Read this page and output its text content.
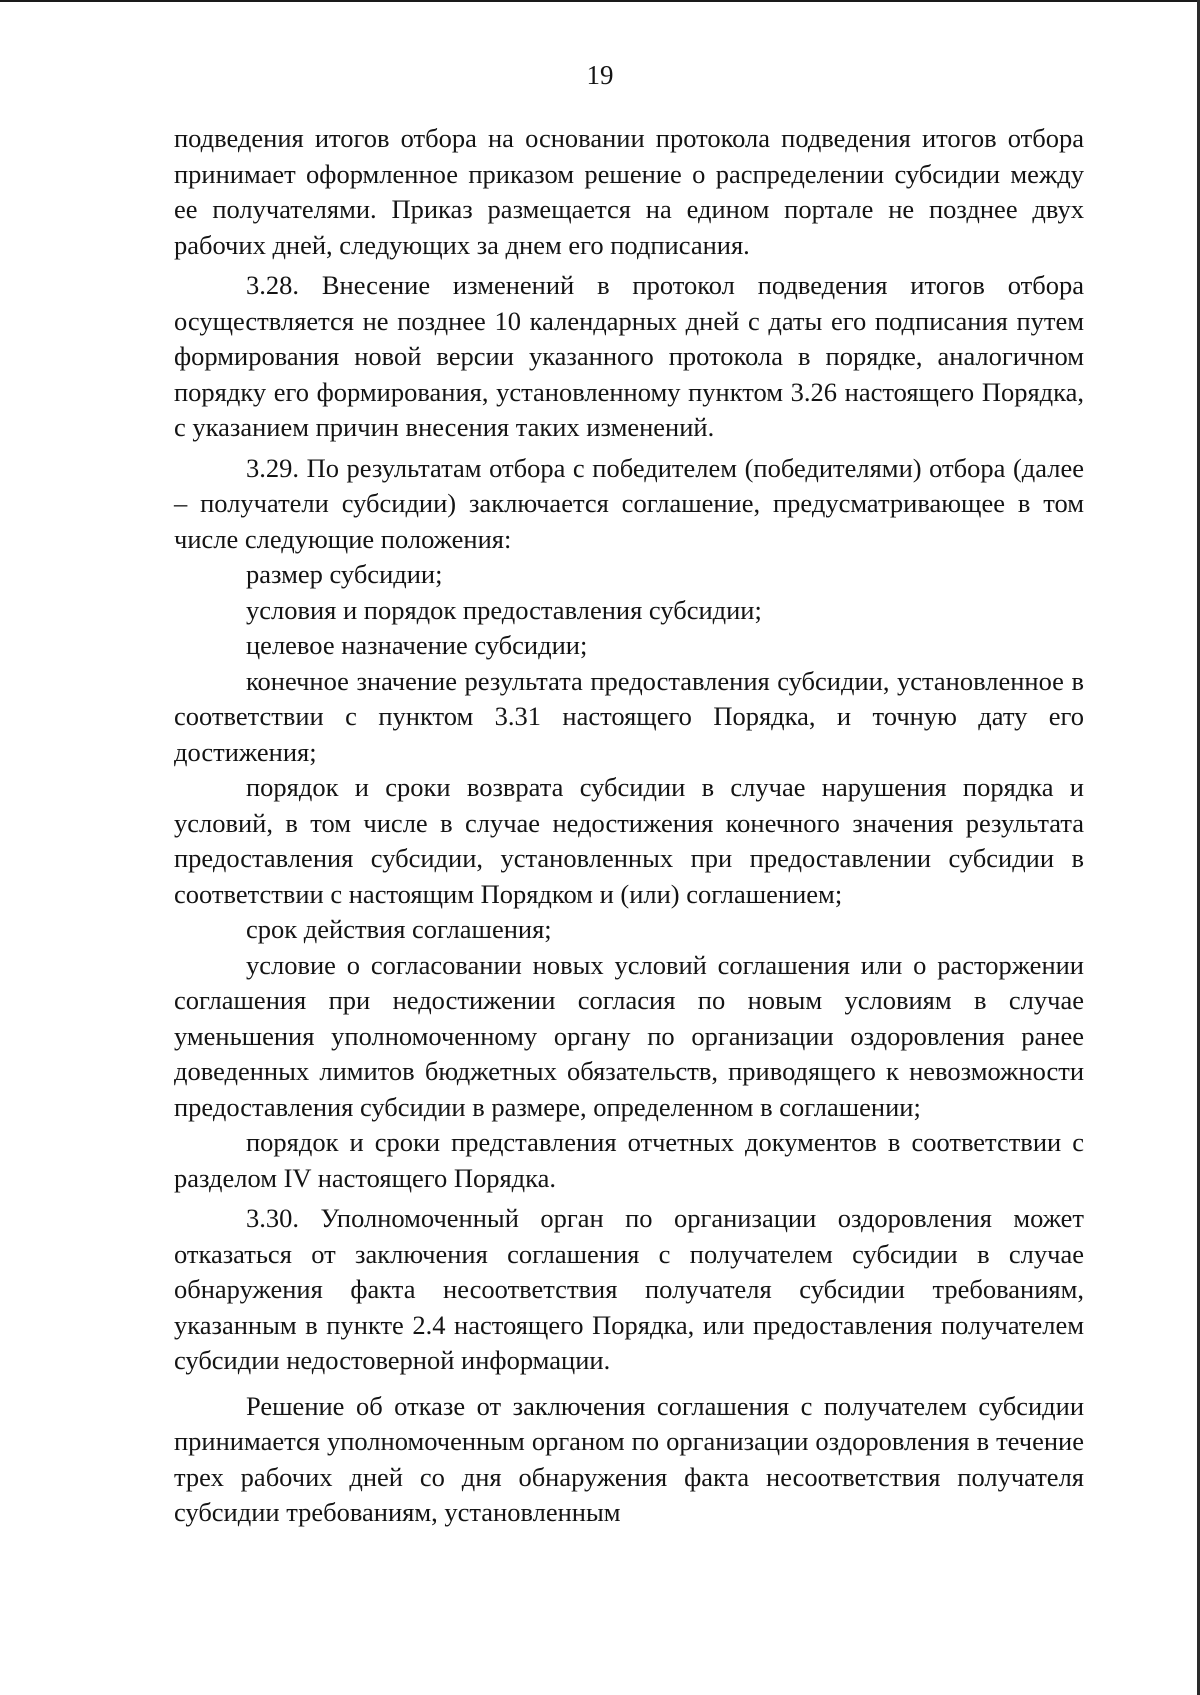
19

подведения итогов отбора на основании протокола подведения итогов отбора принимает оформленное приказом решение о распределении субсидии между ее получателями. Приказ размещается на едином портале не позднее двух рабочих дней, следующих за днем его подписания.

3.28. Внесение изменений в протокол подведения итогов отбора осуществляется не позднее 10 календарных дней с даты его подписания путем формирования новой версии указанного протокола в порядке, аналогичном порядку его формирования, установленному пунктом 3.26 настоящего Порядка, с указанием причин внесения таких изменений.

3.29. По результатам отбора с победителем (победителями) отбора (далее – получатели субсидии) заключается соглашение, предусматривающее в том числе следующие положения:

размер субсидии;

условия и порядок предоставления субсидии;

целевое назначение субсидии;

конечное значение результата предоставления субсидии, установленное в соответствии с пунктом 3.31 настоящего Порядка, и точную дату его достижения;

порядок и сроки возврата субсидии в случае нарушения порядка и условий, в том числе в случае недостижения конечного значения результата предоставления субсидии, установленных при предоставлении субсидии в соответствии с настоящим Порядком и (или) соглашением;

срок действия соглашения;

условие о согласовании новых условий соглашения или о расторжении соглашения при недостижении согласия по новым условиям в случае уменьшения уполномоченному органу по организации оздоровления ранее доведенных лимитов бюджетных обязательств, приводящего к невозможности предоставления субсидии в размере, определенном в соглашении;

порядок и сроки представления отчетных документов в соответствии с разделом IV настоящего Порядка.

3.30. Уполномоченный орган по организации оздоровления может отказаться от заключения соглашения с получателем субсидии в случае обнаружения факта несоответствия получателя субсидии требованиям, указанным в пункте 2.4 настоящего Порядка, или предоставления получателем субсидии недостоверной информации.

Решение об отказе от заключения соглашения с получателем субсидии принимается уполномоченным органом по организации оздоровления в течение трех рабочих дней со дня обнаружения факта несоответствия получателя субсидии требованиям, установленным
